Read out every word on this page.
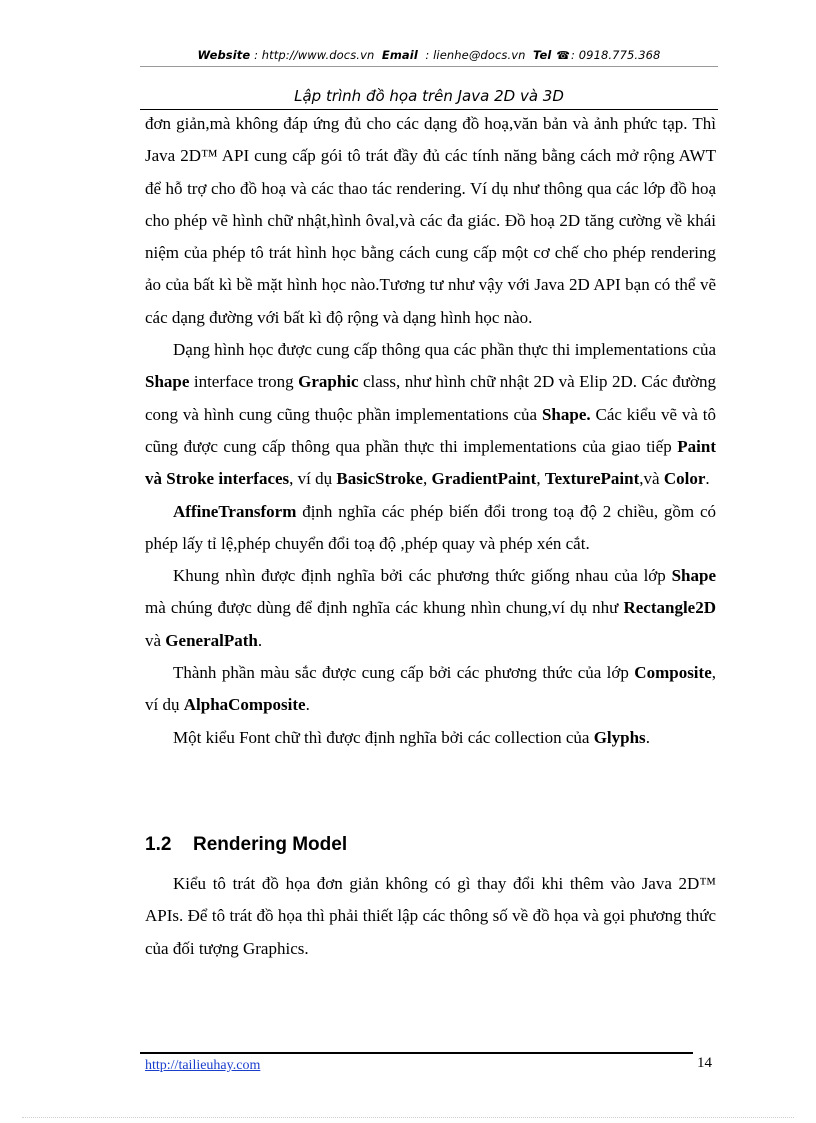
Website : http://www.docs.vn Email : lienhe@docs.vn Tel ☎: 0918.775.368
Lập trình đồ họa trên Java 2D và 3D

đơn giản,mà không đáp ứng đủ cho các dạng đồ hoạ,văn bản và ảnh phức tạp. Thì Java 2D™ API cung cấp gói tô trát đầy đủ các tính năng bằng cách mở rộng AWT để hỗ trợ cho đồ hoạ và các thao tác rendering. Ví dụ như thông qua các lớp đồ hoạ cho phép vẽ hình chữ nhật,hình ôval,và các đa giác. Đồ hoạ 2D tăng cường về khái niệm của phép tô trát hình học bằng cách cung cấp một cơ chế cho phép rendering ảo của bất kì bề mặt hình học nào.Tương tư như vậy với Java 2D API bạn có thể vẽ các dạng đường với bất kì độ rộng và dạng hình học nào.

Dạng hình học được cung cấp thông qua các phần thực thi implementations của Shape interface trong Graphic class, như hình chữ nhật 2D và Elip 2D. Các đường cong và hình cung cũng thuộc phần implementations của Shape. Các kiểu vẽ và tô cũng được cung cấp thông qua phần thực thi implementations của giao tiếp Paint và Stroke interfaces, ví dụ BasicStroke, GradientPaint, TexturePaint,và Color.

AffineTransform định nghĩa các phép biến đổi trong toạ độ 2 chiều, gồm có phép lấy tỉ lệ,phép chuyển đổi toạ độ ,phép quay và phép xén cắt.

Khung nhìn được định nghĩa bởi các phương thức giống nhau của lớp Shape mà chúng được dùng để định nghĩa các khung nhìn chung,ví dụ như Rectangle2D và GeneralPath.

Thành phần màu sắc được cung cấp bởi các phương thức của lớp Composite, ví dụ AlphaComposite.

Một kiểu Font chữ thì được định nghĩa bởi các collection của Glyphs.

1.2 Rendering Model

Kiểu tô trát đồ họa đơn giản không có gì thay đổi khi thêm vào Java 2D™ APIs. Để tô trát đồ họa thì phải thiết lập các thông số về đồ họa và gọi phương thức của đối tượng Graphics.

http://tailieuhay.com	14
